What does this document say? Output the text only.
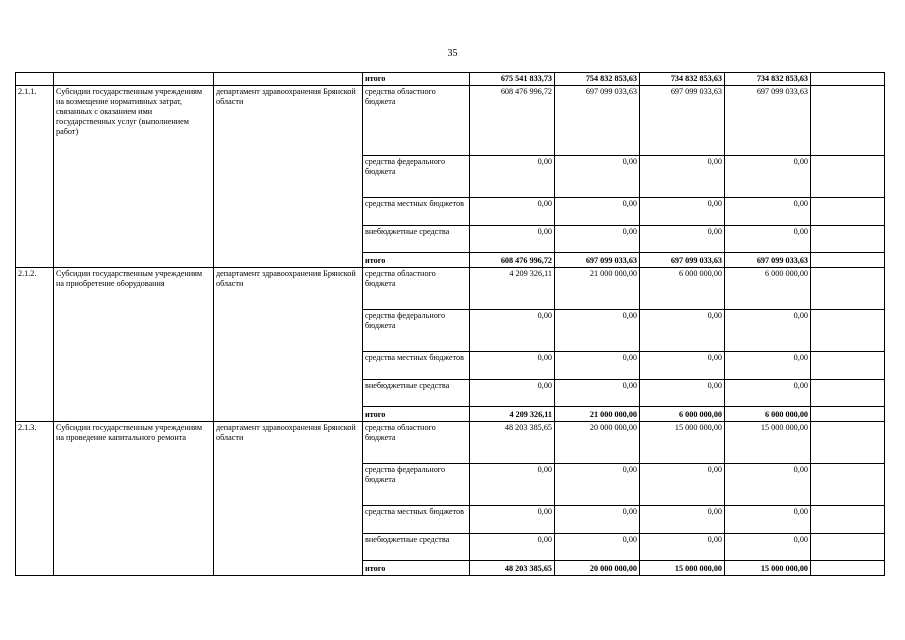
35
			итого	675 541 833,73	754 832 853,63	734 832 853,63	734 832 853,63	
2.1.1.	Субсидии государственным учреждениям на возмещение нормативных затрат, связанных с оказанием ими государственных услуг (выполнением работ)	департамент здравоохранения Брянской области	средства областного бюджета	608 476 996,72	697 099 033,63	697 099 033,63	697 099 033,63	
			средства федерального бюджета	0,00	0,00	0,00	0,00	
			средства местных бюджетов	0,00	0,00	0,00	0,00	
			внебюджетные средства	0,00	0,00	0,00	0,00	
			итого	608 476 996,72	697 099 033,63	697 099 033,63	697 099 033,63	
2.1.2.	Субсидии государственным учреждениям на приобретение оборудования	департамент здравоохранения Брянской области	средства областного бюджета	4 209 326,11	21 000 000,00	6 000 000,00	6 000 000,00	
			средства федерального бюджета	0,00	0,00	0,00	0,00	
			средства местных бюджетов	0,00	0,00	0,00	0,00	
			внебюджетные средства	0,00	0,00	0,00	0,00	
			итого	4 209 326,11	21 000 000,00	6 000 000,00	6 000 000,00	
2.1.3.	Субсидии государственным учреждениям на проведение капитального ремонта	департамент здравоохранения Брянской области	средства областного бюджета	48 203 385,65	20 000 000,00	15 000 000,00	15 000 000,00	
			средства федерального бюджета	0,00	0,00	0,00	0,00	
			средства местных бюджетов	0,00	0,00	0,00	0,00	
			внебюджетные средства	0,00	0,00	0,00	0,00	
			итого	48 203 385,65	20 000 000,00	15 000 000,00	15 000 000,00	
